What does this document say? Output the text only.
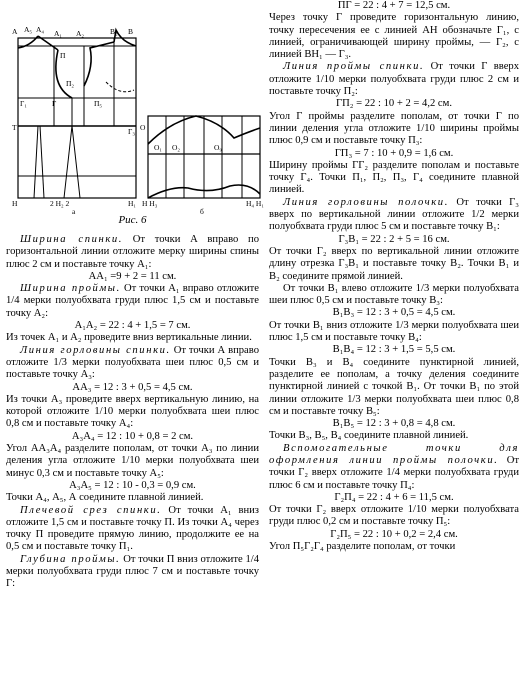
A A₅ A₄ A₁ A₂	B₂ B
П
П₂
П₅
Г₁	Г
Г₃
T
H	2 H₂ 2	H₁
а
O
O₁ O₂	O₉
H H₃	H₄ H₁
б
Рис. 6

Ширина спинки. От точки А вправо по горизонтальной линии отложите мерку ширины спины плюс 2 см и поставьте точку А₁:

АА₁ =9 + 2 = 11 см.

Ширина проймы. От точки А₁ вправо отложите 1/4 мерки полуобхвата груди плюс 1,5 см и поставьте точку А₂:

А₁А₂ = 22 : 4 + 1,5 = 7 см.

Из точек А₁ и А₂ проведите вниз вертикальные линии.

Линия горловины спинки. От точки А вправо отложите 1/3 мерки полуобхвата шеи плюс 0,5 см и поставьте точку А₃:

АА₃ = 12 : 3 + 0,5 = 4,5 см.

Из точки А₃ проведите вверх вертикальную линию, на которой отложите 1/10 мерки полуобхвата шеи плюс 0,8 см и поставьте точку А₄:

А₃А₄ = 12 : 10 + 0,8 = 2 см.

Угол АА₃А₄ разделите пополам, от точки А₃ по линии деления угла отложите 1/10 мерки полуобхвата шеи минус 0,3 см и поставьте точку А₅:

А₃А₅ = 12 : 10 - 0,3 = 0,9 см.

Точки А₄, А₅, А соедините плавной линией.

Плечевой срез спинки. От точки А₁ вниз отложите 1,5 см и поставьте точку П. Из точки А₄ через точку П проведите прямую линию, продолжите ее на 0,5 см и поставьте точку П₁.

Глубина проймы. От точки П вниз отложите 1/4 мерки полуобхвата груди плюс 7 см и поставьте точку Г:

ПГ = 22 : 4 + 7 = 12,5 см.

Через точку Г проведите горизонтальную линию, точку пересечения ее с линией АН обозначьте Г₁, с линией, ограничивающей ширину проймы, — Г₂, с линией ВН₁ — Г₃.

Линия проймы спинки. От точки Г вверх отложите 1/10 мерки полуобхвата груди плюс 2 см и поставьте точку П₂:

ГП₂ = 22 : 10 + 2 = 4,2 см.

Угол Г проймы разделите пополам, от точки Г по линии деления угла отложите 1/10 ширины проймы плюс 0,9 см и поставьте точку П₃:

ГП₃ = 7 : 10 + 0,9 = 1,6 см.

Ширину проймы ГГ₂ разделите пополам и поставьте точку Г₄. Точки П₁, П₂, П₃, Г₄ соедините плавной линией.

Линия горловины полочки. От точки Г₃ вверх по вертикальной линии отложите 1/2 мерки полуобхвата груди плюс 5 см и поставьте точку В₁:

Г₃В₁ = 22 : 2 + 5 = 16 см.

От точки Г₂ вверх по вертикальной линии отложите длину отрезка Г₃В₁ и поставьте точку В₂. Точки В₁ и В₂ соедините прямой линией.

От точки В₁ влево отложите 1/3 мерки полуобхвата шеи плюс 0,5 см и поставьте точку В₃:

В₁В₃ = 12 : 3 + 0,5 = 4,5 см.

От точки В₁ вниз отложите 1/3 мерки полуобхвата шеи плюс 1,5 см и поставьте точку В₄:

В₁В₄ = 12 : 3 + 1,5 = 5,5 см.

Точки В₃ и В₄ соедините пунктирной линией, разделите ее пополам, а точку деления соедините пунктирной линией с точкой В₁. От точки В₁ по этой линии отложите 1/3 мерки полуобхвата шеи плюс 0,8 см и поставьте точку В₅:

В₁В₅ = 12 : 3 + 0,8 = 4,8 см.

Точки В₃, В₅, В₄ соедините плавной линией.

Вспомогательные точки для оформления линии проймы полочки. От точки Г₂ вверх отложите 1/4 мерки полуобхвата груди плюс 6 см и поставьте точку П₄:

Г₂П₄ = 22 : 4 + 6 = 11,5 см.

От точки Г₂ вверх отложите 1/10 мерки полуобхвата груди плюс 0,2 см и поставьте точку П₅:

Г₂П₅ = 22 : 10 + 0,2 = 2,4 см.

Угол П₅Г₂Г₄ разделите пополам, от точки
